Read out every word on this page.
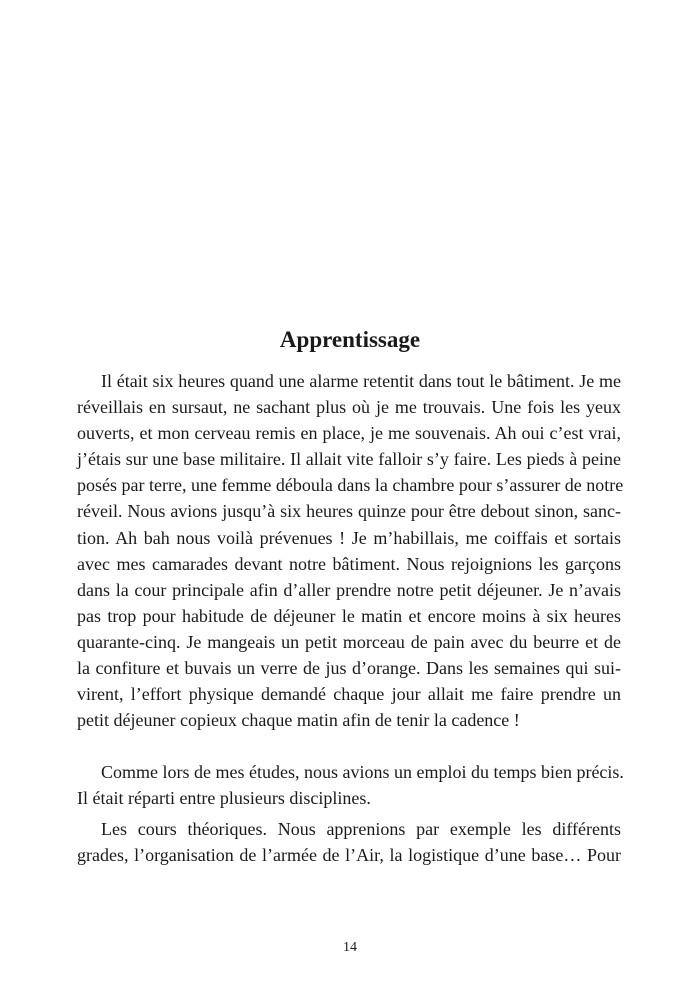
Apprentissage

Il était six heures quand une alarme retentit dans tout le bâtiment. Je me
réveillais en sursaut, ne sachant plus où je me trouvais. Une fois les yeux
ouverts, et mon cerveau remis en place, je me souvenais. Ah oui c’est vrai,
j’étais sur une base militaire. Il allait vite falloir s’y faire. Les pieds à peine
posés par terre, une femme déboula dans la chambre pour s’assurer de notre
réveil. Nous avions jusqu’à six heures quinze pour être debout sinon, sanc-
tion. Ah bah nous voilà prévenues ! Je m’habillais, me coiffais et sortais
avec mes camarades devant notre bâtiment. Nous rejoignions les garçons
dans la cour principale afin d’aller prendre notre petit déjeuner. Je n’avais
pas trop pour habitude de déjeuner le matin et encore moins à six heures
quarante-cinq. Je mangeais un petit morceau de pain avec du beurre et de
la confiture et buvais un verre de jus d’orange. Dans les semaines qui sui-
virent, l’effort physique demandé chaque jour allait me faire prendre un
petit déjeuner copieux chaque matin afin de tenir la cadence !

Comme lors de mes études, nous avions un emploi du temps bien précis.
Il était réparti entre plusieurs disciplines.

Les cours théoriques. Nous apprenions par exemple les différents
grades, l’organisation de l’armée de l’Air, la logistique d’une base… Pour

14
